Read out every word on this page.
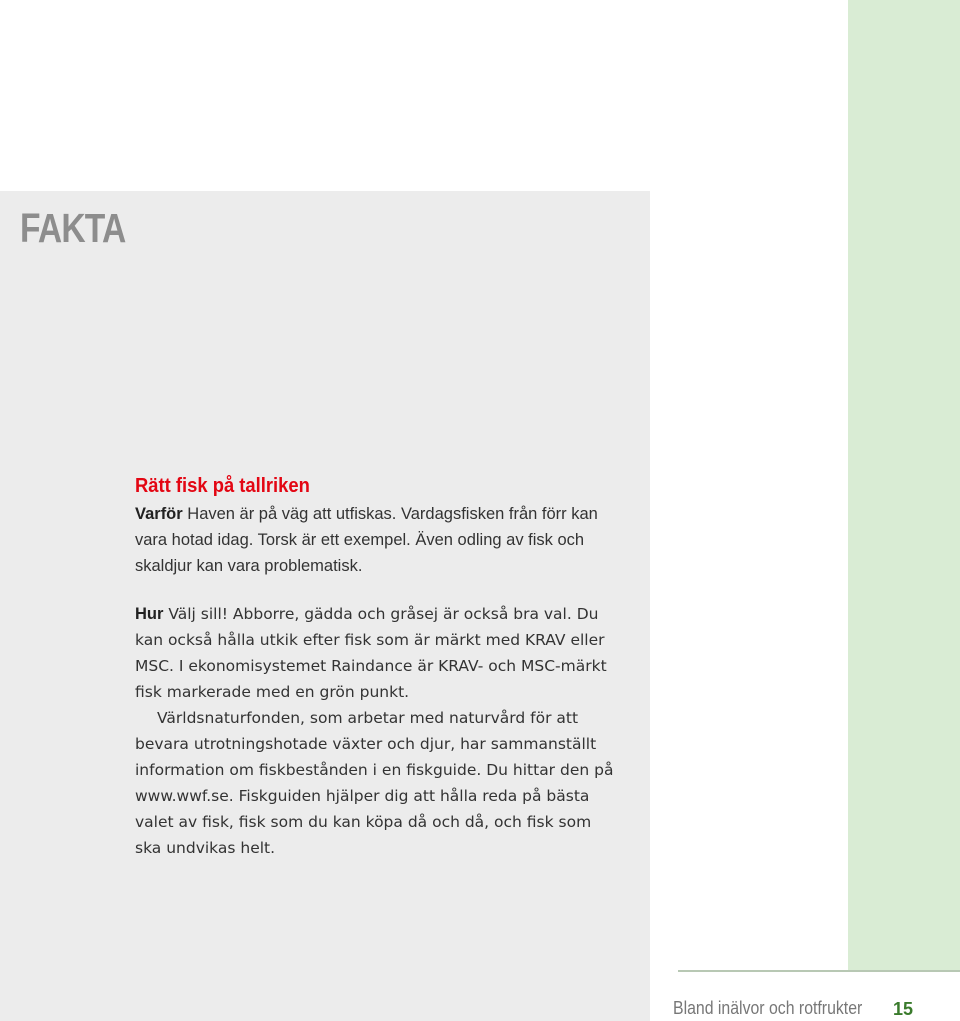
FAKTA
Rätt fisk på tallriken

Varför Haven är på väg att utfiskas. Vardagsfisken från förr kan vara hotad idag. Torsk är ett exempel. Även odling av fisk och skaldjur kan vara problematisk.

Hur Välj sill! Abborre, gädda och gråsej är också bra val. Du kan också hålla utkik efter fisk som är märkt med KRAV eller MSC. I ekonomisystemet Raindance är KRAV- och MSC-märkt fisk markerade med en grön punkt.

Världsnaturfonden, som arbetar med naturvård för att bevara utrotningshotade växter och djur, har sammanställt information om fiskbestånden i en fiskguide. Du hittar den på www.wwf.se. Fiskguiden hjälper dig att hålla reda på bästa valet av fisk, fisk som du kan köpa då och då, och fisk som ska undvikas helt.

Bland inälvor och rotfrukter 15
